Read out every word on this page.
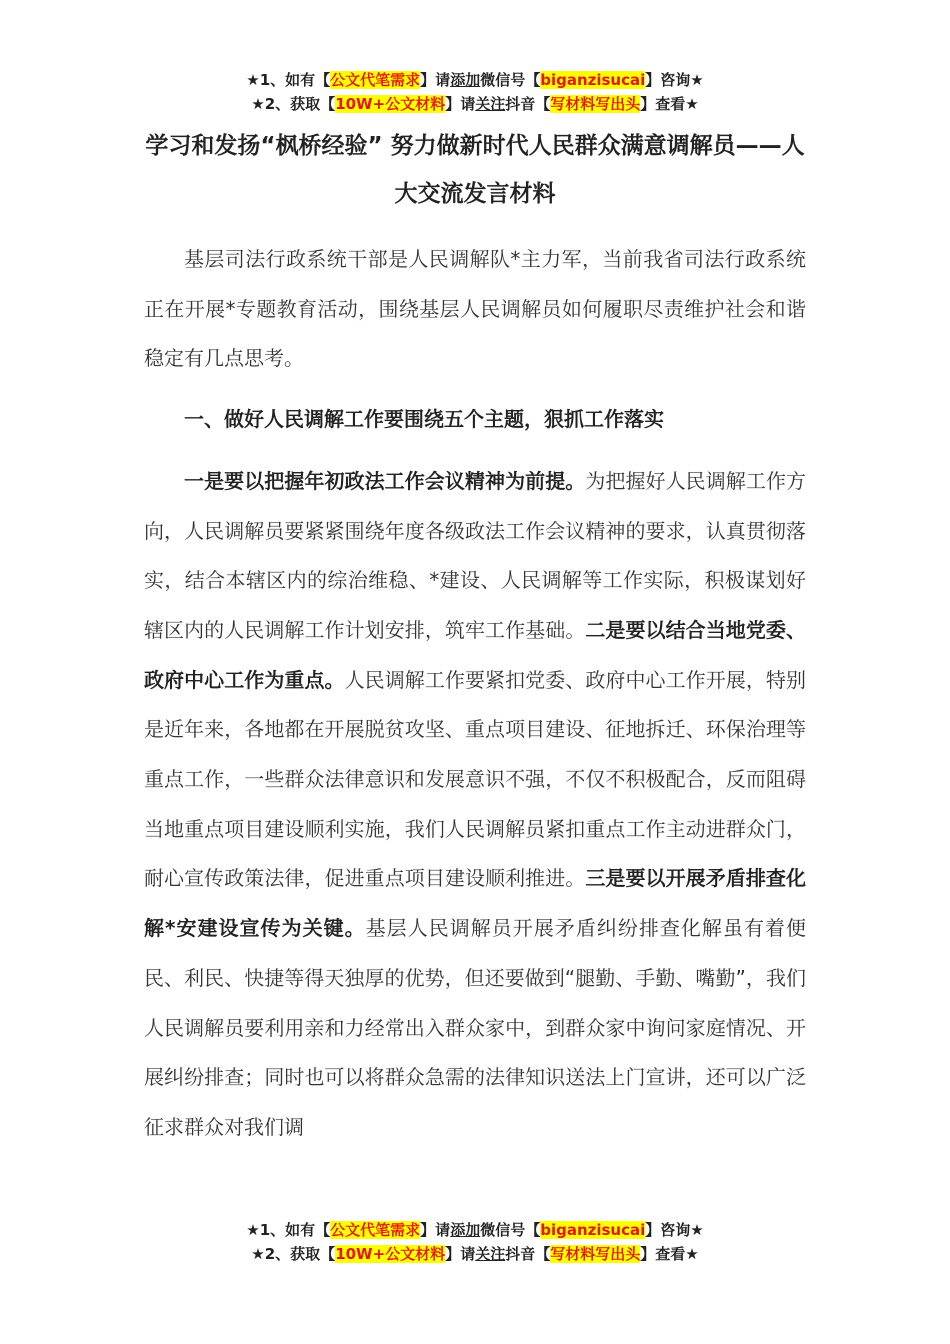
★1、如有【公文代笔需求】请添加微信号【biganzisucai】咨询★
★2、获取【10W+公文材料】请关注抖音【写材料写出头】查看★
学习和发扬“枫桥经验” 努力做新时代人民群众满意调解员——人大交流发言材料

基层司法行政系统干部是人民调解队*主力军，当前我省司法行政系统正在开展*专题教育活动，围绕基层人民调解员如何履职尽责维护社会和谐稳定有几点思考。

一、做好人民调解工作要围绕五个主题，狠抓工作落实

一是要以把握年初政法工作会议精神为前提。为把握好人民调解工作方向，人民调解员要紧紧围绕年度各级政法工作会议精神的要求，认真贯彻落实，结合本辖区内的综治维稳、*建设、人民调解等工作实际，积极谋划好辖区内的人民调解工作计划安排，筑牢工作基础。二是要以结合当地党委、政府中心工作为重点。人民调解工作要紧扣党委、政府中心工作开展，特别是近年来，各地都在开展脱贫攻坚、重点项目建设、征地拆迁、环保治理等重点工作，一些群众法律意识和发展意识不强，不仅不积极配合，反而阻碍当地重点项目建设顺利实施，我们人民调解员紧扣重点工作主动进群众门，耐心宣传政策法律，促进重点项目建设顺利推进。三是要以开展矛盾排查化解*安建设宣传为关键。基层人民调解员开展矛盾纠纷排查化解虽有着便民、利民、快捷等得天独厚的优势，但还要做到“腿勤、手勤、嘴勤”，我们人民调解员要利用亲和力经常出入群众家中，到群众家中询问家庭情况、开展纠纷排查；同时也可以将群众急需的法律知识送法上门宣讲，还可以广泛征求群众对我们调

★1、如有【公文代笔需求】请添加微信号【biganzisucai】咨询★
★2、获取【10W+公文材料】请关注抖音【写材料写出头】查看★
